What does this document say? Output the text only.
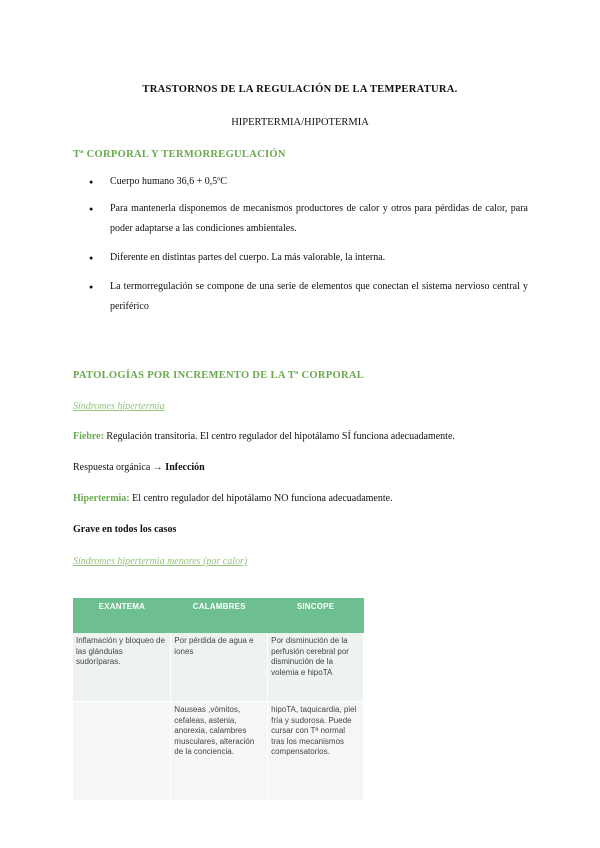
TRASTORNOS DE LA REGULACIÓN DE LA TEMPERATURA.
HIPERTERMIA/HIPOTERMIA
Tª CORPORAL Y TERMORREGULACIÓN
● Cuerpo humano 36,6 + 0,5ºC
● Para mantenerla disponemos de mecanismos productores de calor y otros para pérdidas de calor, para poder adaptarse a las condiciones ambientales.
● Diferente en distintas partes del cuerpo. La más valorable, la interna.
● La termorregulación se compone de una serie de elementos que conectan el sistema nervioso central y periférico
PATOLOGÍAS POR INCREMENTO DE LA Tª CORPORAL
Síndromes hipertermia
Fiebre: Regulación transitoria. El centro regulador del hipotálamo SÍ funciona adecuadamente.
Respuesta orgánica → Infección
Hipertermia: El centro regulador del hipotálamo NO funciona adecuadamente.
Grave en todos los casos
Síndromes hipertermia menores (por calor)
EXANTEMA	CALAMBRES	SINCOPE
Inflamación y bloqueo de las glándulas sudoríparas.	Por pérdida de agua e iones	Por disminución de la perfusión cerebral por disminución de la volemia e hipoTA
	Nauseas ,vómitos, cefaleas, astenia, anorexia, calambres musculares, alteración de la conciencia.	hipoTA, taquicardia, piel fría y sudorosa. Puede cursar con Tª normal tras los mecanismos compensatorios.
